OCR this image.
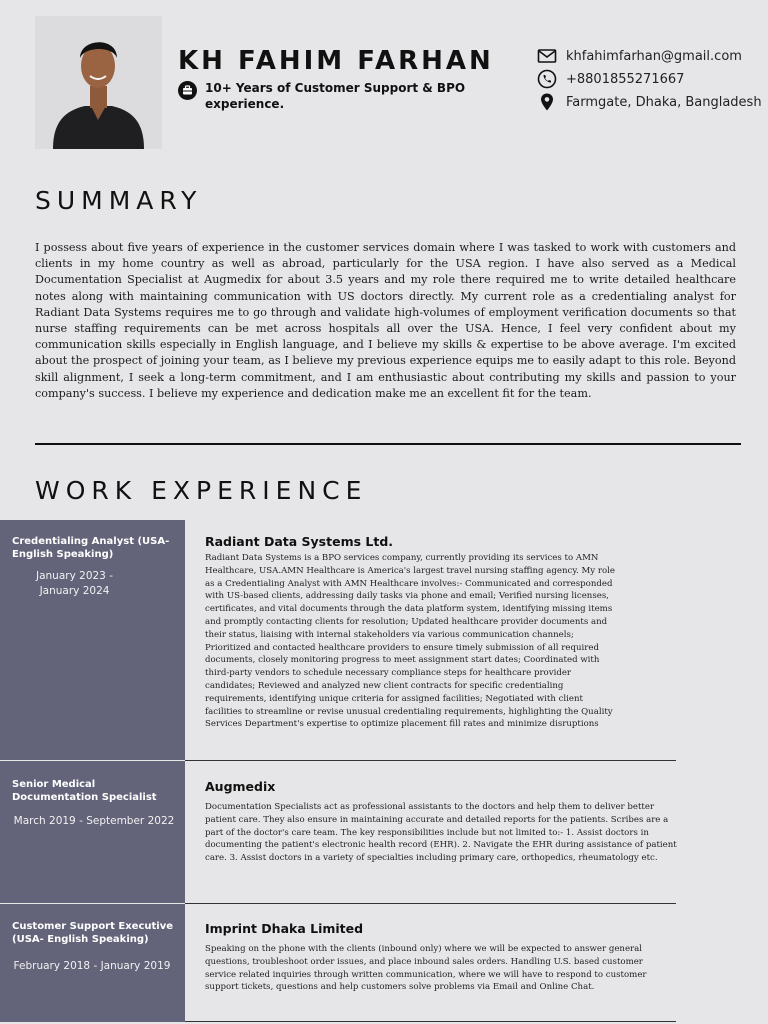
KH FAHIM FARHAN
10+ Years of Customer Support & BPO experience.
khfahimfarhan@gmail.com
+8801855271667
Farmgate, Dhaka, Bangladesh
SUMMARY
I possess about five years of experience in the customer services domain where I was tasked to work with customers and clients in my home country as well as abroad, particularly for the USA region. I have also served as a Medical Documentation Specialist at Augmedix for about 3.5 years and my role there required me to write detailed healthcare notes along with maintaining communication with US doctors directly. My current role as a credentialing analyst for Radiant Data Systems requires me to go through and validate high-volumes of employment verification documents so that nurse staffing requirements can be met across hospitals all over the USA. Hence, I feel very confident about my communication skills especially in English language, and I believe my skills & expertise to be above average. I'm excited about the prospect of joining your team, as I believe my previous experience equips me to easily adapt to this role. Beyond skill alignment, I seek a long-term commitment, and I am enthusiastic about contributing my skills and passion to your company's success. I believe my experience and dedication make me an excellent fit for the team.
WORK EXPERIENCE
Credentialing Analyst (USA- English Speaking)
January 2023 -
January 2024
Radiant Data Systems Ltd.
Radiant Data Systems is a BPO services company, currently providing its services to AMN Healthcare, USA.AMN Healthcare is America's largest travel nursing staffing agency. My role as a Credentialing Analyst with AMN Healthcare involves:- Communicated and corresponded with US-based clients, addressing daily tasks via phone and email; Verified nursing licenses, certificates, and vital documents through the data platform system, identifying missing items and promptly contacting clients for resolution; Updated healthcare provider documents and their status, liaising with internal stakeholders via various communication channels; Prioritized and contacted healthcare providers to ensure timely submission of all required documents, closely monitoring progress to meet assignment start dates; Coordinated with third-party vendors to schedule necessary compliance steps for healthcare provider candidates; Reviewed and analyzed new client contracts for specific credentialing requirements, identifying unique criteria for assigned facilities; Negotiated with client facilities to streamline or revise unusual credentialing requirements, highlighting the Quality Services Department's expertise to optimize placement fill rates and minimize disruptions
Senior Medical Documentation Specialist
March 2019 - September 2022
Augmedix
Documentation Specialists act as professional assistants to the doctors and help them to deliver better patient care. They also ensure in maintaining accurate and detailed reports for the patients. Scribes are a part of the doctor's care team. The key responsibilities include but not limited to:- 1. Assist doctors in documenting the patient's electronic health record (EHR). 2. Navigate the EHR during assistance of patient care. 3. Assist doctors in a variety of specialties including primary care, orthopedics, rheumatology etc.
Customer Support Executive (USA- English Speaking)
February 2018 - January 2019
Imprint Dhaka Limited
Speaking on the phone with the clients (inbound only) where we will be expected to answer general questions, troubleshoot order issues, and place inbound sales orders. Handling U.S. based customer service related inquiries through written communication, where we will have to respond to customer support tickets, questions and help customers solve problems via Email and Online Chat.
